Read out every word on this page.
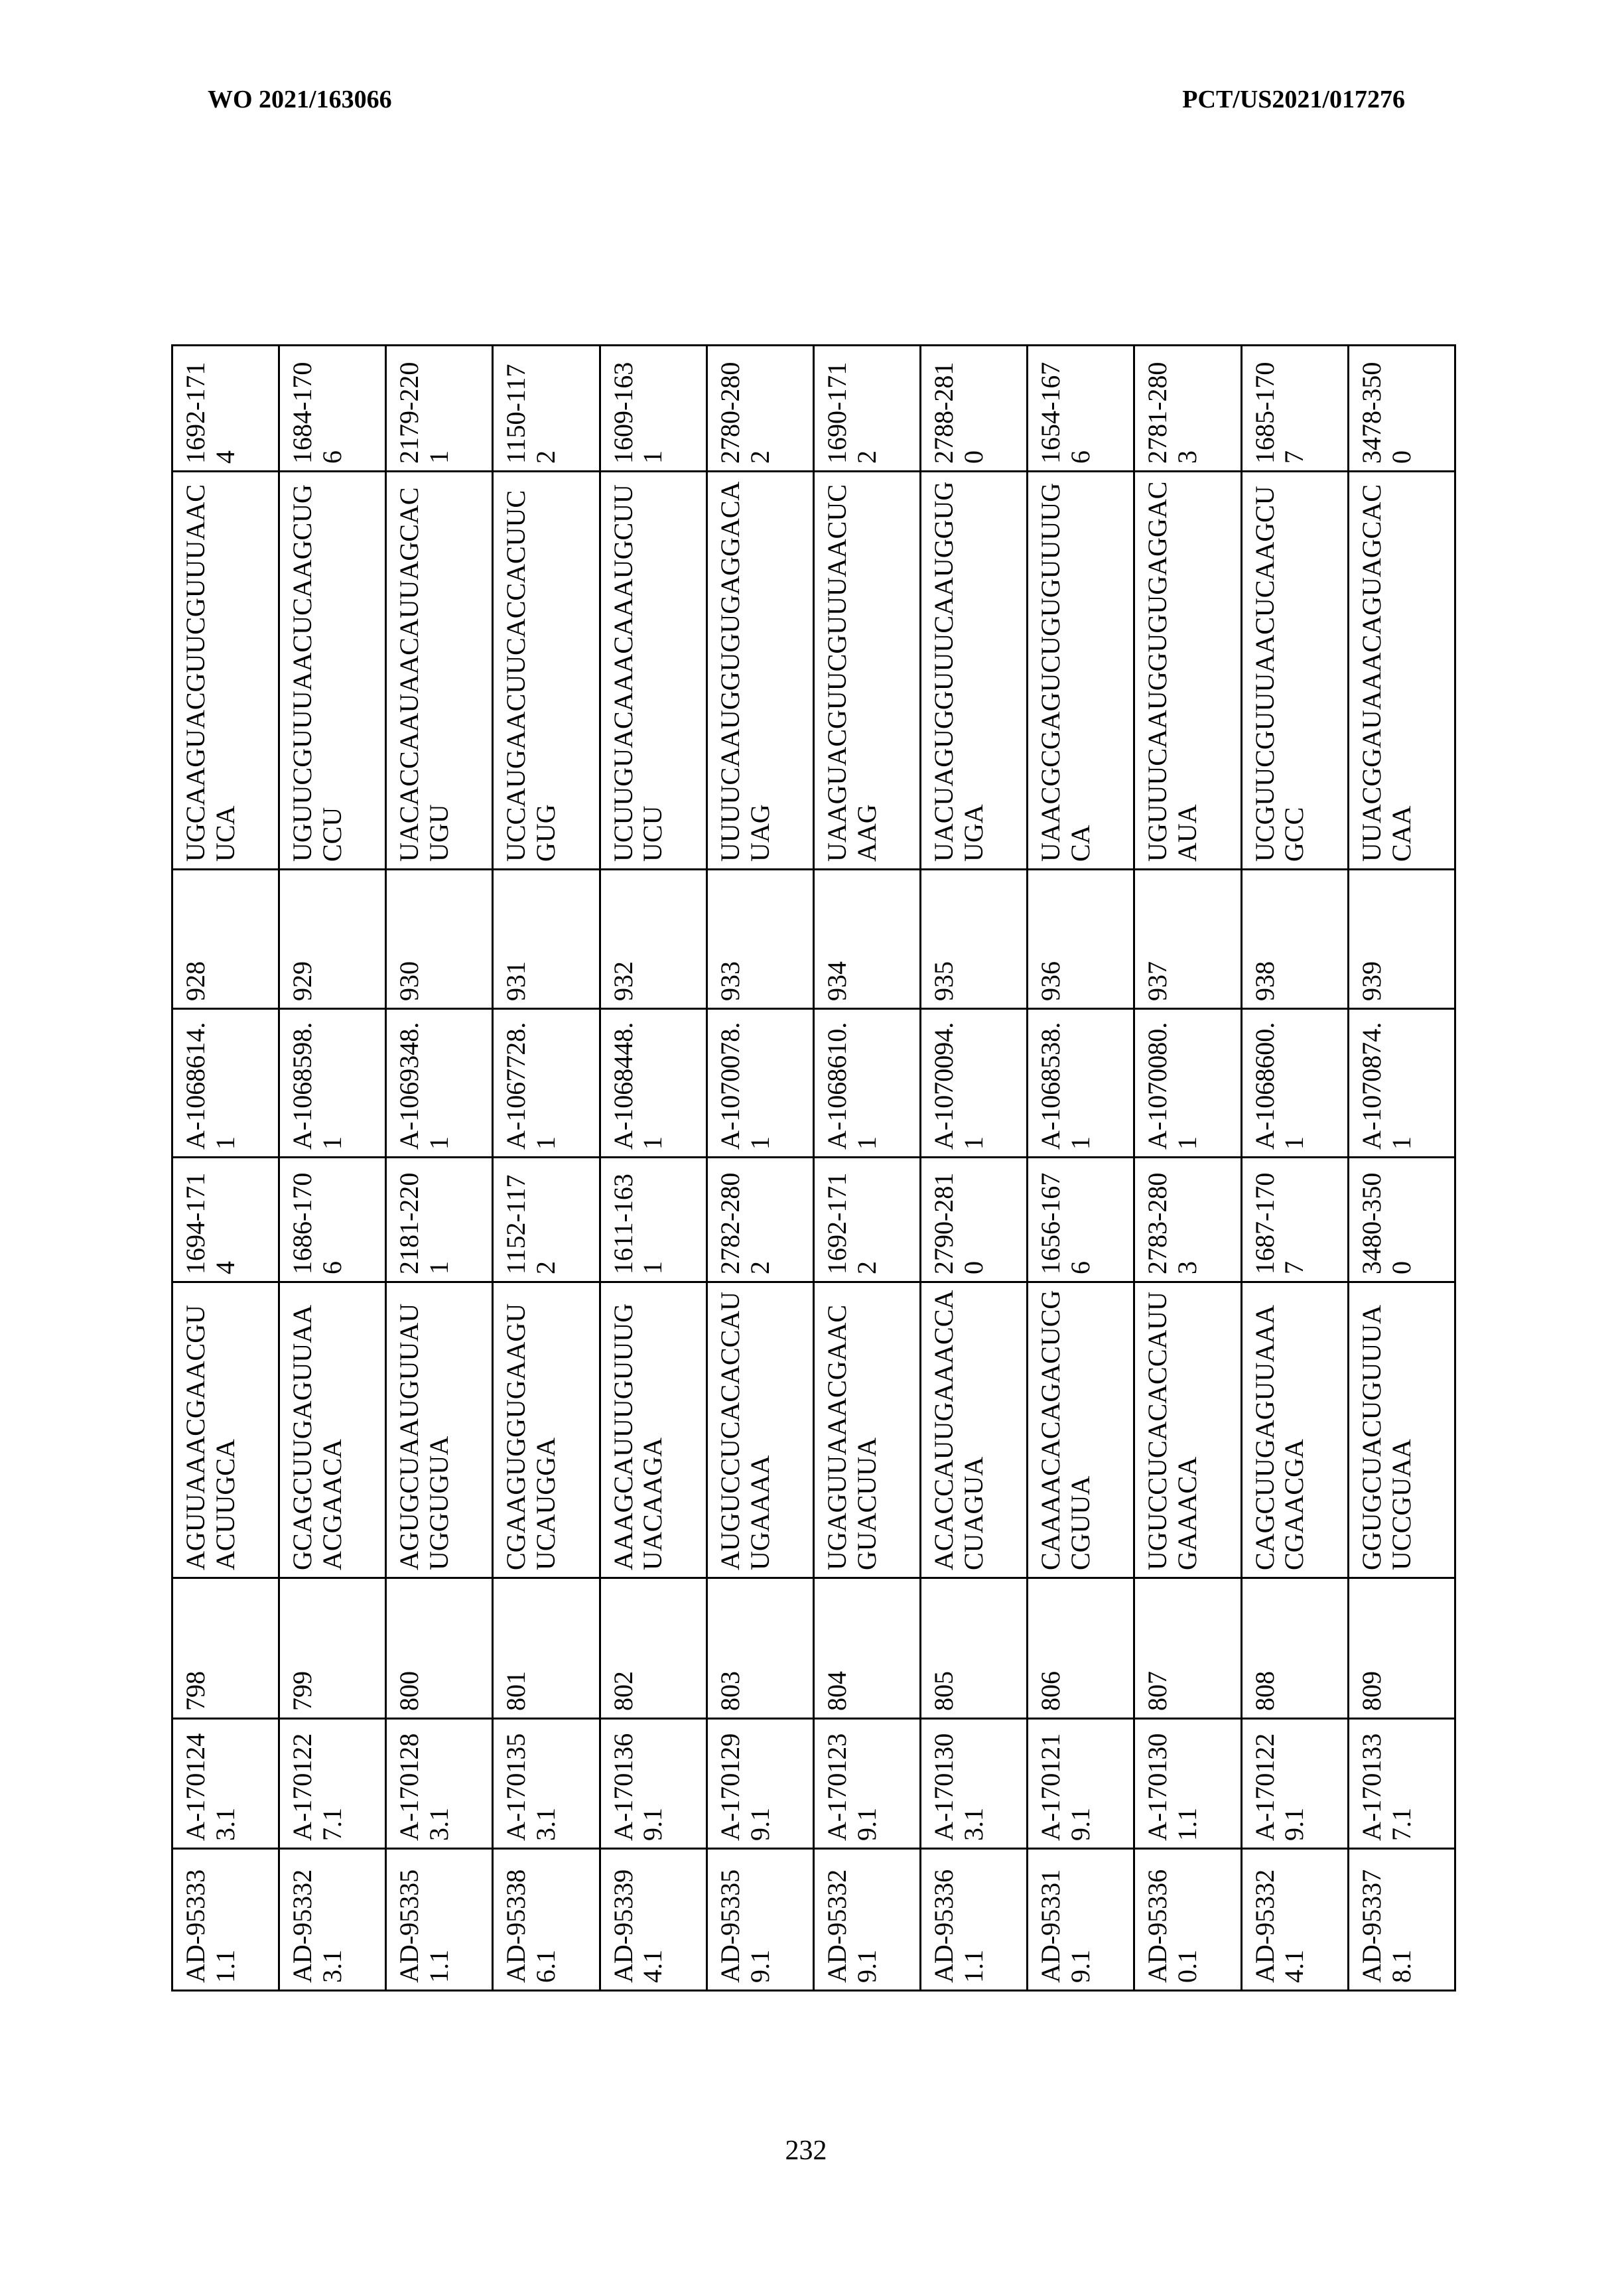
WO 2021/163066	PCT/US2021/017276
AD-953331.1	A-1701243.1	798	AGUUAAACGAACGUACUUGCA	1694-1714	A-1068614.1	928	UGCAAGUACGUUCGUUUAACUCA	1692-1714
AD-953323.1	A-1701227.1	799	GCAGCUUGAGUUAAACGAACA	1686-1706	A-1068598.1	929	UGUUCGUUUAACUCAAGCUGCCU	1684-1706
AD-953351.1	A-1701283.1	800	AGUGCUAAUGUUAUUGGUGUA	2181-2201	A-1069348.1	930	UACACCAAUAACAUUAGCACUGU	2179-2201
AD-953386.1	A-1701353.1	801	CGAAGUGGUGAAGUUCAUGGA	1152-1172	A-1067728.1	931	UCCAUGAACUUCACCACUUCGUG	1150-1172
AD-953394.1	A-1701369.1	802	AAAGCAUUUGUUUGUACAAGA	1611-1631	A-1068448.1	932	UCUUGUACAAACAAAUGCUUUCU	1609-1631
AD-953359.1	A-1701299.1	803	AUGUCCUCACACCAUUGAAAA	2782-2802	A-1070078.1	933	UUUUCAAUGGUGUGAGGACAUAG	2780-2802
AD-953329.1	A-1701239.1	804	UGAGUUAAACGAACGUACUUA	1692-1712	A-1068610.1	934	UAAGUACGUUCGUUUAACUCAAG	1690-1712
AD-953361.1	A-1701303.1	805	ACACCAUUGAAACCACUAGUA	2790-2810	A-1070094.1	935	UACUAGUGGUUUCAAUGGUGUGA	2788-2810
AD-953319.1	A-1701219.1	806	CAAAACACAGACUCGCGUUA	1656-1676	A-1068538.1	936	UAACGCGAGUCUGUGUUUUGCA	1654-1676
AD-953360.1	A-1701301.1	807	UGUCCUCACACCAUUGAAACA	2783-2803	A-1070080.1	937	UGUUUCAAUGGUGUGAGGACAUA	2781-2803
AD-953324.1	A-1701229.1	808	CAGCUUGAGUUAAACGAACGA	1687-1707	A-1068600.1	938	UCGUUCGUUUAACUCAAGCUGCC	1685-1707
AD-953378.1	A-1701337.1	809	GGUGCUACUGUUUAUCCGUAA	3480-3500	A-1070874.1	939	UUACGGAUAAACAGUAGCACCAA	3478-3500
232
